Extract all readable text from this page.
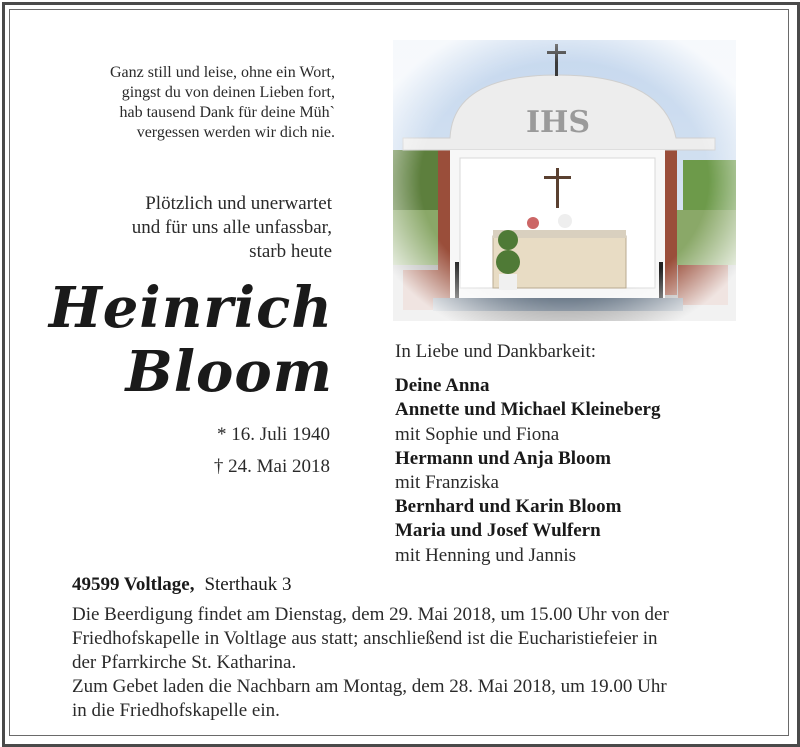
Ganz still und leise, ohne ein Wort,
gingst du von deinen Lieben fort,
hab tausend Dank für deine Müh`
vergessen werden wir dich nie.
Plötzlich und unerwartet
und für uns alle unfassbar,
starb heute
Heinrich
Bloom
* 16. Juli 1940
† 24. Mai 2018
In Liebe und Dankbarkeit:
Deine Anna
Annette und Michael Kleineberg
mit Sophie und Fiona
Hermann und Anja Bloom
mit Franziska
Bernhard und Karin Bloom
Maria und Josef Wulfern
mit Henning und Jannis
49599 Voltlage, Sterthauk 3
Die Beerdigung findet am Dienstag, dem 29. Mai 2018, um 15.00 Uhr von der
Friedhofskapelle in Voltlage aus statt; anschließend ist die Eucharistiefeier in
der Pfarrkirche St. Katharina.
Zum Gebet laden die Nachbarn am Montag, dem 28. Mai 2018, um 19.00 Uhr
in die Friedhofskapelle ein.
